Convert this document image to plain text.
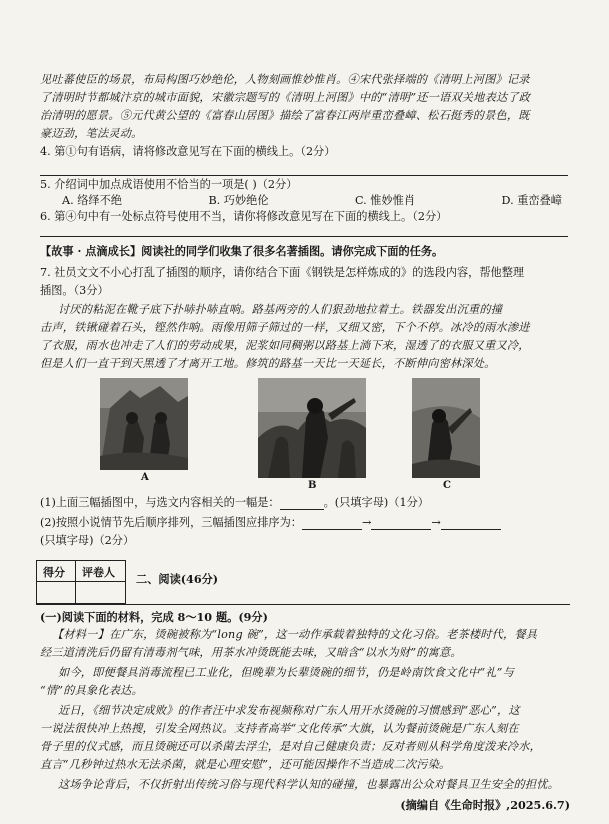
见吐蕃使臣的场景，布局构图巧妙绝伦，人物刻画惟妙惟肖。④宋代张择端的《清明上河图》记录
了清明时节都城汴京的城市面貌，宋徽宗题写的《清明上河图》中的“清明”还一语双关地表达了政
治清明的愿景。⑤元代黄公望的《富春山居图》描绘了富春江两岸重峦叠嶂、松石挺秀的景色，既
豪迈劲，笔法灵动。
4. 第①句有语病，请将修改意见写在下面的横线上。（2分）
5. 介绍词中加点成语使用不恰当的一项是( )（2分）
A. 络绎不绝	B. 巧妙绝伦	C. 惟妙惟肖	D. 重峦叠嶂
6. 第④句中有一处标点符号使用不当，请你将修改意见写在下面的横线上。（2分）
【故事 · 点滴成长】阅读社的同学们收集了很多名著插图。请你完成下面的任务。
7. 社员文文不小心打乱了插图的顺序，请你结合下面《钢铁是怎样炼成的》的选段内容，帮他整理
插图。（3分）
讨厌的粘泥在靴子底下扑哧扑哧直响。路基两旁的人们狠劲地拉着土。铁器发出沉重的撞
击声，铁锹碰着石头，铿然作响。雨像用筛子筛过的一样，又细又密，下个不停。冰冷的雨水渗进
了衣服，雨水也冲走了人们的劳动成果，泥浆如同稠粥以路基上淌下来，湿透了的衣服又重又冷，
但是人们一直干到天黑透了才离开工地。修筑的路基一天比一天延长，不断伸向密林深处。
A
B	C
(1)上面三幅插图中，与选文内容相关的一幅是：	。(只填字母)（1分）
(2)按照小说情节先后顺序排列，三幅插图应排序为：	→	→
(只填字母)（2分）
得分 评卷人 二、阅读(46分)
(一)阅读下面的材料，完成 8～10 题。(9分)
【材料一】在广东，烫碗被称为“long 碗”，这一动作承载着独特的文化习俗。老茶楼时代，餐具
经三道清洗后仍留有清毒剂气味，用茶水冲烫既能去味，又暗含“以水为财”的寓意。
如今，即便餐具消毒流程已工业化，但晚辈为长辈烫碗的细节，仍是岭南饮食文化中“礼”与
“情”的具象化表达。
近日，《细节决定成败》的作者汪中求发布视频称对广东人用开水烫碗的习惯感到“恶心”，这
一说法很快冲上热搜，引发全网热议。支持者高举“文化传承”大旗，认为餐前烫碗是广东人刻在
骨子里的仪式感，而且烫碗还可以杀菌去浮尘，是对自己健康负责；反对者则从科学角度泼来冷水，
直言“几秒钟过热水无法杀菌，就是心理安慰”，还可能因操作不当造成二次污染。
这场争论背后，不仅折射出传统习俗与现代科学认知的碰撞，也暴露出公众对餐具卫生安全的担忧。
(摘编自《生命时报》,2025.6.7)
